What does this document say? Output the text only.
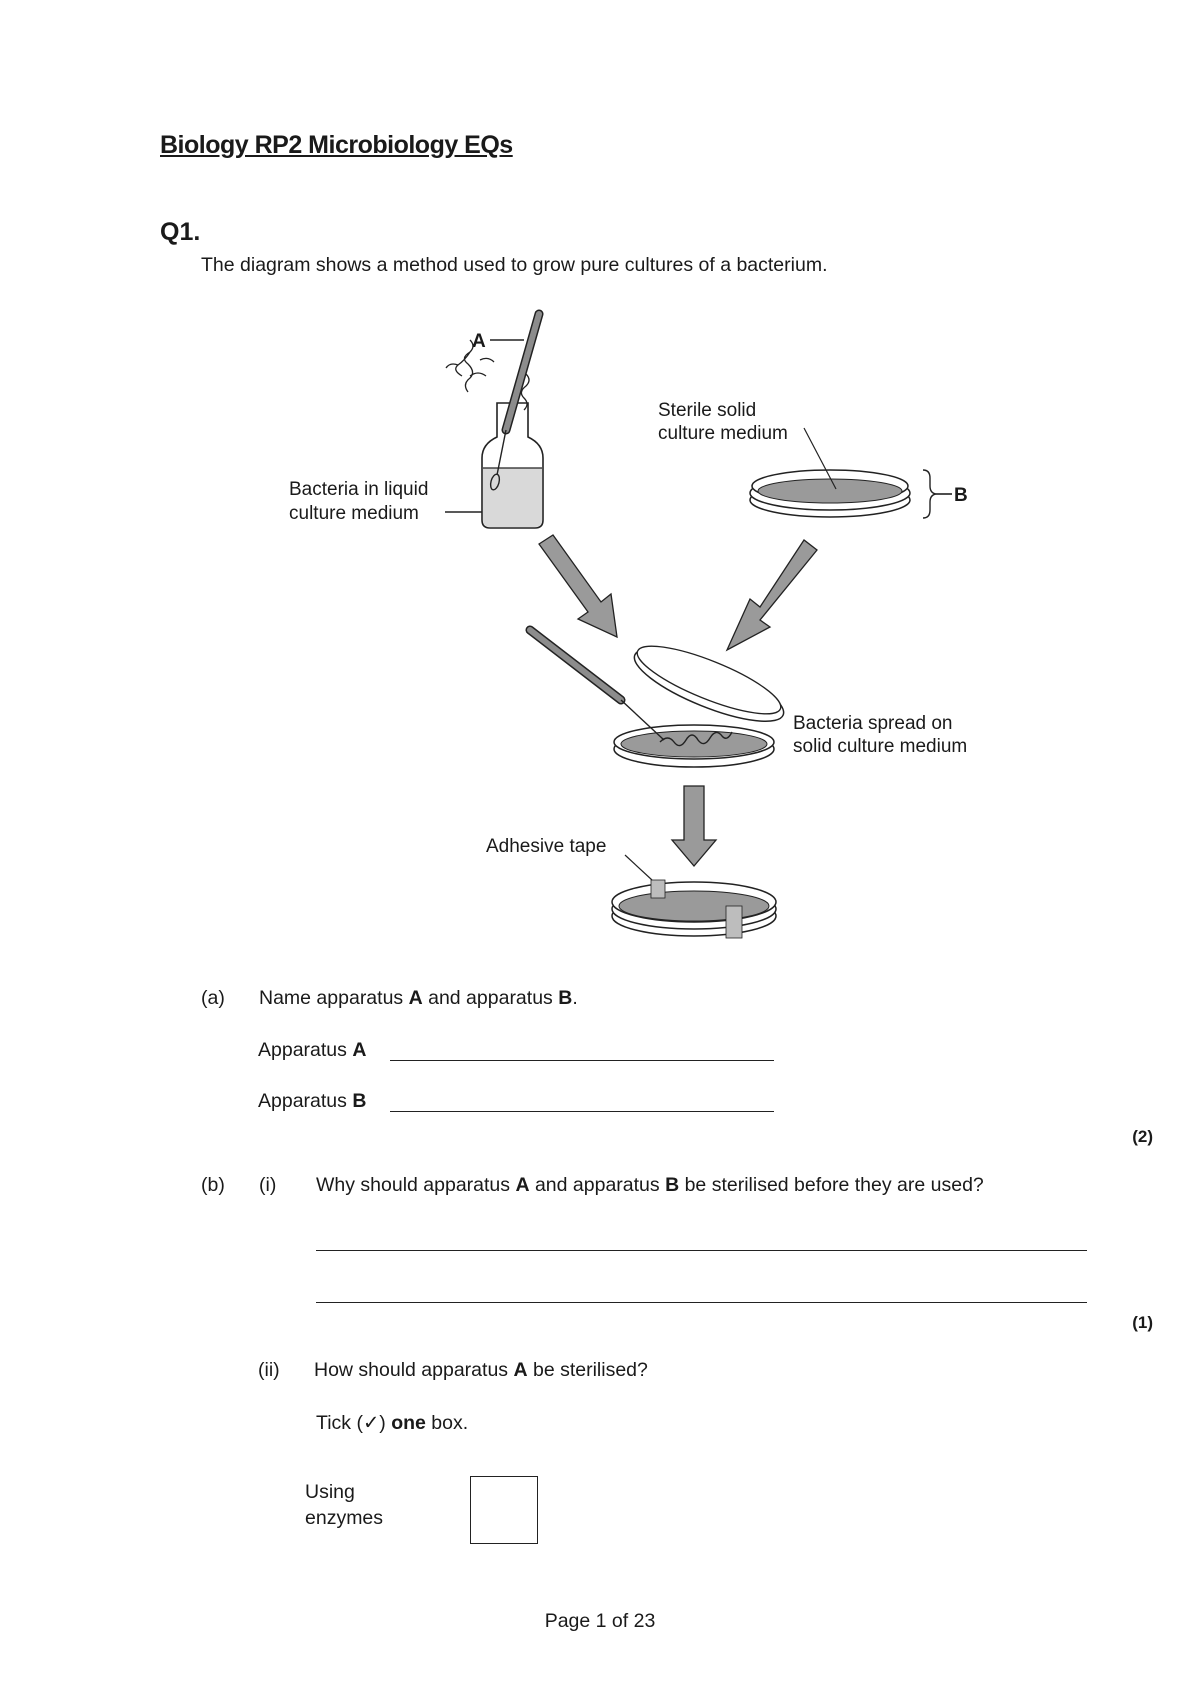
Biology RP2 Microbiology EQs
Q1.
The diagram shows a method used to grow pure cultures of a bacterium.
A
Bacteria in liquid
culture medium
Sterile solid
culture medium
B
Bacteria spread on
solid culture medium
Adhesive tape
(a) Name apparatus A and apparatus B.
Apparatus A
Apparatus B
(2)
(b) (i) Why should apparatus A and apparatus B be sterilised before they are used?
(1)
(ii) How should apparatus A be sterilised?
Tick (✓) one box.
Using
enzymes
Page 1 of 23
